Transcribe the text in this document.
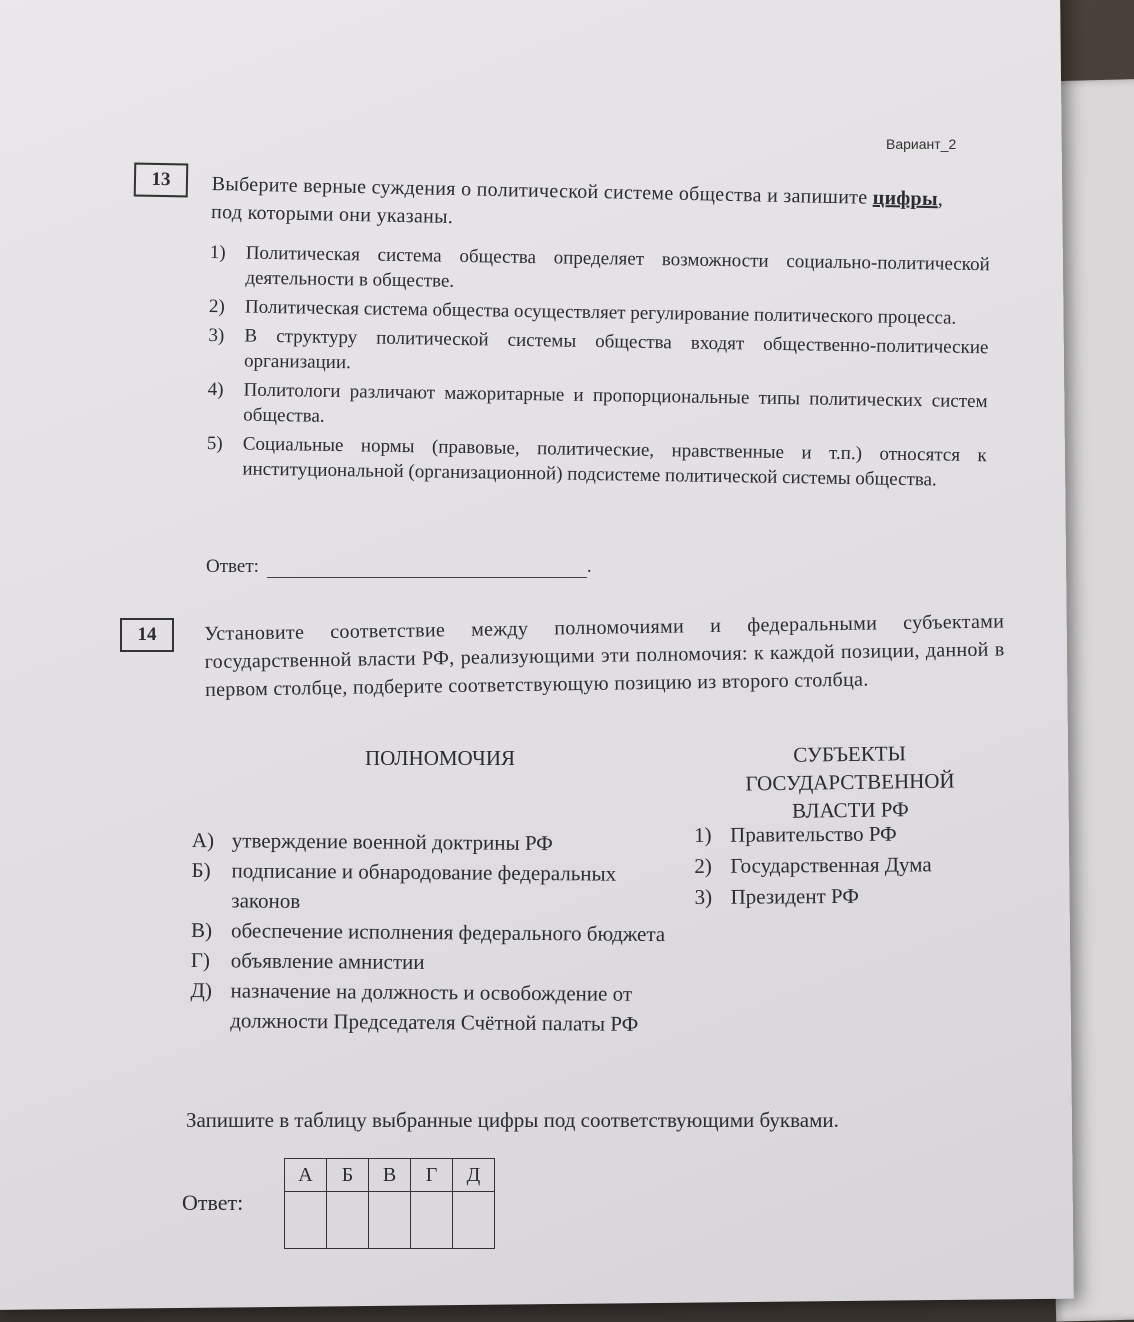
Вариант_2
13	Выберите верные суждения о политической системе общества и запишите цифры, под которыми они указаны.
1)	Политическая система общества определяет возможности социально-политической деятельности в обществе.
2)	Политическая система общества осуществляет регулирование политического процесса.
3)	В структуру политической системы общества входят общественно-политические организации.
4)	Политологи различают мажоритарные и пропорциональные типы политических систем общества.
5)	Социальные нормы (правовые, политические, нравственные и т.п.) относятся к институциональной (организационной) подсистеме политической системы общества.
Ответ:	.
14	Установите соответствие между полномочиями и федеральными субъектами государственной власти РФ, реализующими эти полномочия: к каждой позиции, данной в первом столбце, подберите соответствующую позицию из второго столбца.
ПОЛНОМОЧИЯ	СУБЪЕКТЫ
ГОСУДАРСТВЕННОЙ
ВЛАСТИ РФ
А) утверждение военной доктрины РФ
Б) подписание и обнародование федеральных законов
В) обеспечение исполнения федерального бюджета
Г) объявление амнистии
Д) назначение на должность и освобождение от должности Председателя Счётной палаты РФ
1) Правительство РФ
2) Государственная Дума
3) Президент РФ
Запишите в таблицу выбранные цифры под соответствующими буквами.
Ответ:
А	Б	В	Г	Д
